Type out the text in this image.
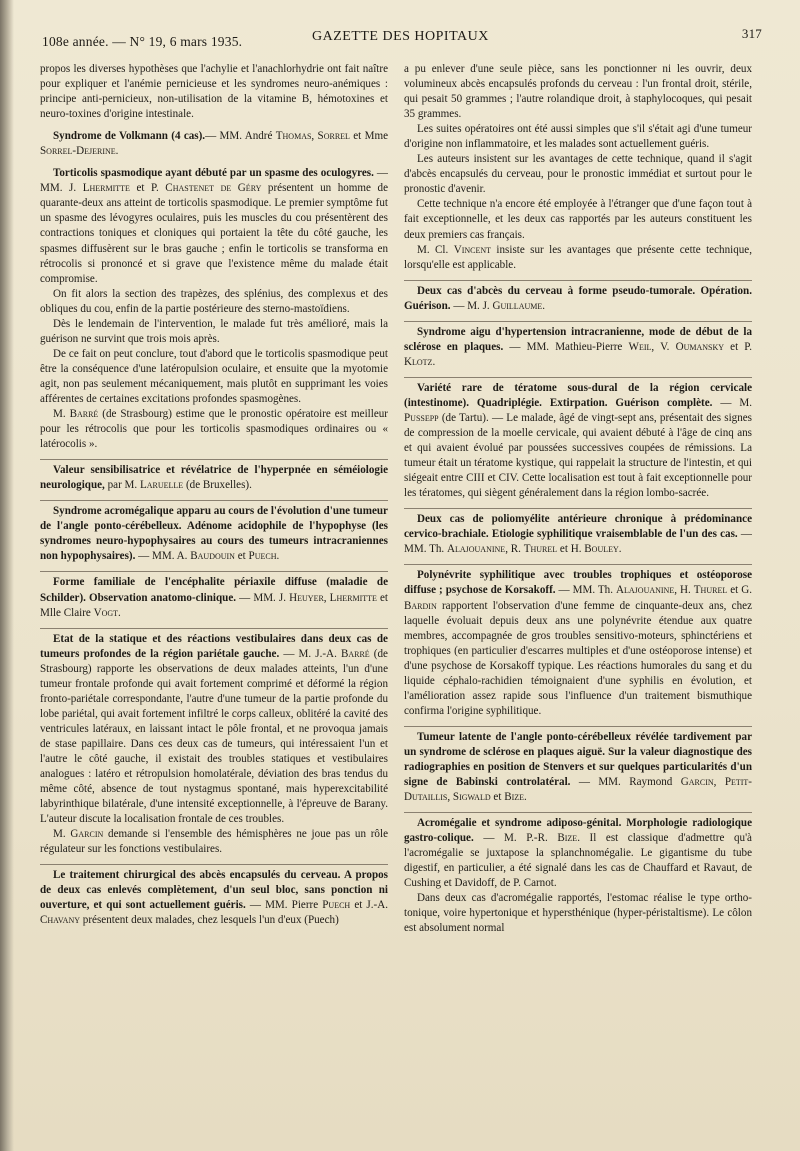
108e année. — N° 19, 6 mars 1935.	GAZETTE DES HOPITAUX	317

propos les diverses hypothèses que l'achylie et l'anachlorhydrie ont fait naître pour expliquer et l'anémie pernicieuse et les syndromes neuro-anémiques : principe anti-pernicieux, non-utilisation de la vitamine B, hémotoxines et neuro-toxines d'origine intestinale.

Syndrome de Volkmann (4 cas).— MM. André Thomas, Sorrel et Mme Sorrel-Dejerine.

Torticolis spasmodique ayant débuté par un spasme des oculogyres. — MM. J. Lhermitte et P. Chastenet de Géry présentent un homme de quarante-deux ans atteint de torticolis spasmodique. Le premier symptôme fut un spasme des lévogyres oculaires, puis les muscles du cou présentèrent des contractions toniques et cloniques qui portaient la tête du côté gauche, les spasmes diffusèrent sur le bras gauche ; enfin le torticolis se transforma en rétrocolis si prononcé et si grave que l'existence même du malade était compromise.

On fit alors la section des trapèzes, des splénius, des complexus et des obliques du cou, enfin de la partie postérieure des sterno-mastoïdiens.

Dès le lendemain de l'intervention, le malade fut très amélioré, mais la guérison ne survint que trois mois après.

De ce fait on peut conclure, tout d'abord que le torticolis spasmodique peut être la conséquence d'une latéropulsion oculaire, et ensuite que la myotomie agit, non pas seulement mécaniquement, mais plutôt en supprimant les voies afférentes de certaines excitations profondes spasmogènes.

M. Barré (de Strasbourg) estime que le pronostic opératoire est meilleur pour les rétrocolis que pour les torticolis spasmodiques ordinaires ou « latérocolis ».

Valeur sensibilisatrice et révélatrice de l'hyperpnée en séméiologie neurologique, par M. Laruelle (de Bruxelles).

Syndrome acromégalique apparu au cours de l'évolution d'une tumeur de l'angle ponto-cérébelleux. Adénome acidophile de l'hypophyse (les syndromes neuro-hypophysaires au cours des tumeurs intracraniennes non hypophysaires). — MM. A. Baudouin et Puech.

Forme familiale de l'encéphalite périaxile diffuse (maladie de Schilder). Observation anatomo-clinique. — MM. J. Heuyer, Lhermitte et Mlle Claire Vogt.

Etat de la statique et des réactions vestibulaires dans deux cas de tumeurs profondes de la région pariétale gauche. — M. J.-A. Barré (de Strasbourg) rapporte les observations de deux malades atteints, l'un d'une tumeur frontale profonde qui avait fortement comprimé et déformé la région fronto-pariétale correspondante, l'autre d'une tumeur de la partie profonde du lobe pariétal, qui avait fortement infiltré le corps calleux, oblitéré la cavité des ventricules latéraux, en laissant intact le pôle frontal, et ne provoqua jamais de stase papillaire. Dans ces deux cas de tumeurs, qui intéressaient l'un et l'autre le côté gauche, il existait des troubles statiques et vestibulaires analogues : latéro et rétropulsion homolatérale, déviation des bras tendus du même côté, absence de tout nystagmus spontané, mais hyperexcitabilité labyrinthique bilatérale, d'une intensité exceptionnelle, à l'épreuve de Barany. L'auteur discute la localisation frontale de ces troubles.

M. Garcin demande si l'ensemble des hémisphères ne joue pas un rôle régulateur sur les fonctions vestibulaires.

Le traitement chirurgical des abcès encapsulés du cerveau. A propos de deux cas enlevés complètement, d'un seul bloc, sans ponction ni ouverture, et qui sont actuellement guéris. — MM. Pierre Puech et J.-A. Chavany présentent deux malades, chez lesquels l'un d'eux (Puech)

a pu enlever d'une seule pièce, sans les ponctionner ni les ouvrir, deux volumineux abcès encapsulés profonds du cerveau : l'un frontal droit, stérile, qui pesait 50 grammes ; l'autre rolandique droit, à staphylocoques, qui pesait 35 grammes.

Les suites opératoires ont été aussi simples que s'il s'était agi d'une tumeur d'origine non inflammatoire, et les malades sont actuellement guéris.

Les auteurs insistent sur les avantages de cette technique, quand il s'agit d'abcès encapsulés du cerveau, pour le pronostic immédiat et surtout pour le pronostic d'avenir.

Cette technique n'a encore été employée à l'étranger que d'une façon tout à fait exceptionnelle, et les deux cas rapportés par les auteurs constituent les deux premiers cas français.

M. Cl. Vincent insiste sur les avantages que présente cette technique, lorsqu'elle est applicable.

Deux cas d'abcès du cerveau à forme pseudo-tumorale. Opération. Guérison. — M. J. Guillaume.

Syndrome aigu d'hypertension intracranienne, mode de début de la sclérose en plaques. — MM. Mathieu-Pierre Weil, V. Oumansky et P. Klotz.

Variété rare de tératome sous-dural de la région cervicale (intestinome). Quadriplégie. Extirpation. Guérison complète. — M. Pussepp (de Tartu). — Le malade, âgé de vingt-sept ans, présentait des signes de compression de la moelle cervicale, qui avaient débuté à l'âge de cinq ans et qui avaient évolué par poussées successives coupées de rémissions. La tumeur était un tératome kystique, qui rappelait la structure de l'intestin, et qui siégeait entre CIII et CIV. Cette localisation est tout à fait exceptionnelle pour les tératomes, qui siègent généralement dans la région lombo-sacrée.

Deux cas de poliomyélite antérieure chronique à prédominance cervico-brachiale. Etiologie syphilitique vraisemblable de l'un des cas. — MM. Th. Alajouanine, R. Thurel et H. Bouley.

Polynévrite syphilitique avec troubles trophiques et ostéoporose diffuse ; psychose de Korsakoff. — MM. Th. Alajouanine, H. Thurel et G. Bardin rapportent l'observation d'une femme de cinquante-deux ans, chez laquelle évoluait depuis deux ans une polynévrite étendue aux quatre membres, accompagnée de gros troubles sensitivo-moteurs, sphinctériens et trophiques (en particulier d'escarres multiples et d'une ostéoporose intense) et d'une psychose de Korsakoff typique. Les réactions humorales du sang et du liquide céphalo-rachidien témoignaient d'une syphilis en évolution, et l'amélioration assez rapide sous l'influence d'un traitement bismuthique confirma l'origine syphilitique.

Tumeur latente de l'angle ponto-cérébelleux révélée tardivement par un syndrome de sclérose en plaques aiguë. Sur la valeur diagnostique des radiographies en position de Stenvers et sur quelques particularités d'un signe de Babinski controlatéral. — MM. Raymond Garcin, Petit-Dutaillis, Sigwald et Bize.

Acromégalie et syndrome adiposo-génital. Morphologie radiologique gastro-colique. — M. P.-R. Bize. Il est classique d'admettre qu'à l'acromégalie se juxtapose la splanchnomégalie. Le gigantisme du tube digestif, en particulier, a été signalé dans les cas de Chauffard et Ravaut, de Cushing et Davidoff, de P. Carnot.

Dans deux cas d'acromégalie rapportés, l'estomac réalise le type ortho-tonique, voire hypertonique et hypersthénique (hyper-péristaltisme). Le côlon est absolument normal
